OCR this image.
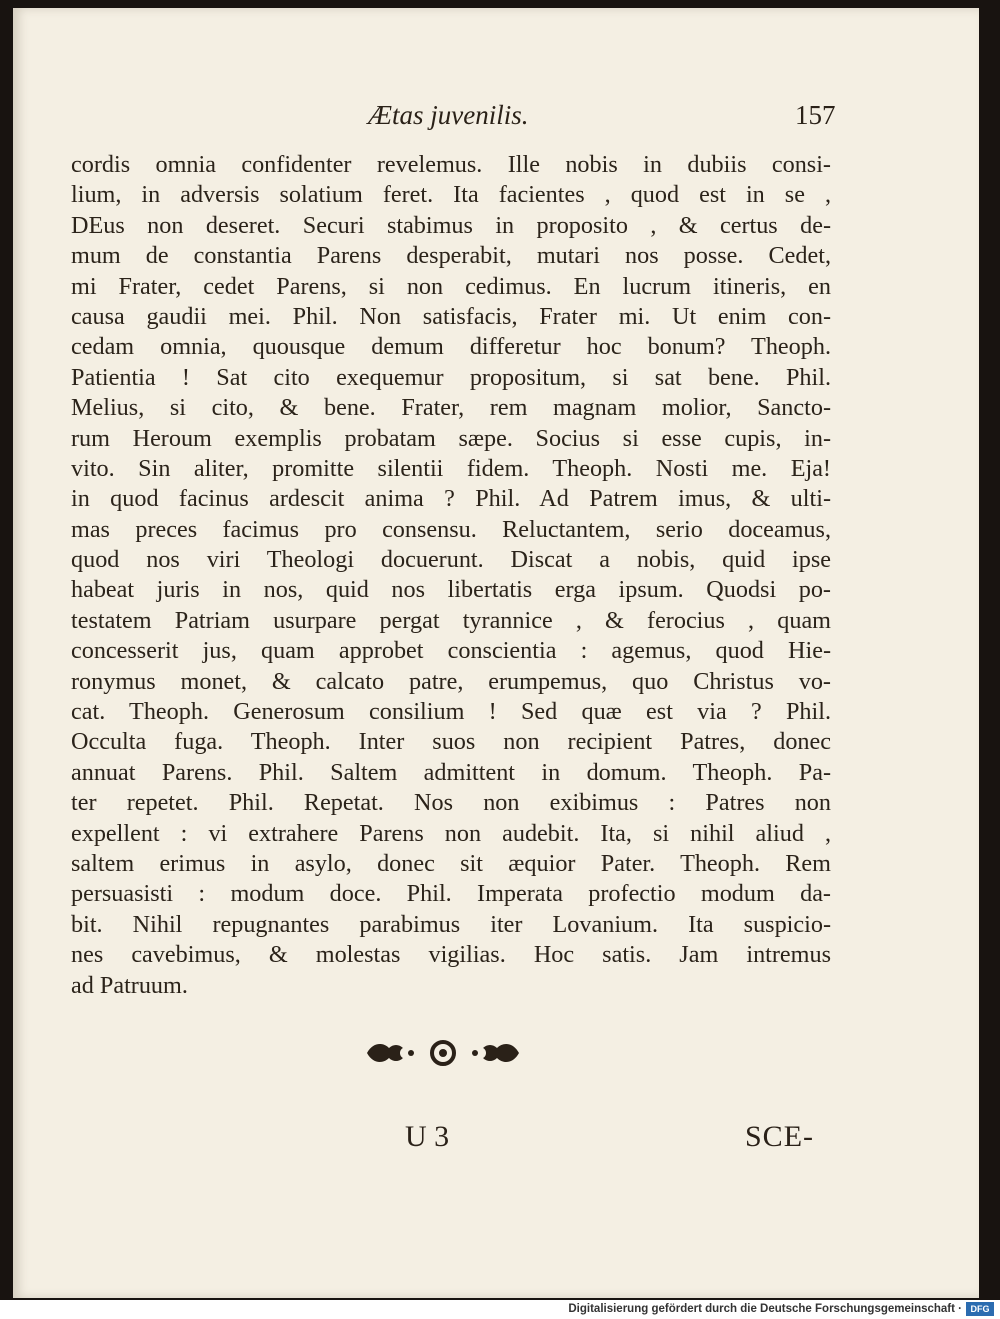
Ætas juvenilis.	157
cordis omnia confidenter revelemus. Ille nobis in dubiis consi-
lium, in adversis solatium feret. Ita facientes , quod est in se ,
DEus non deseret. Securi stabimus in proposito , & certus de-
mum de constantia Parens desperabit, mutari nos posse. Cedet,
mi Frater, cedet Parens, si non cedimus. En lucrum itineris, en
causa gaudii mei. Phil. Non satisfacis, Frater mi. Ut enim con-
cedam omnia, quousque demum differetur hoc bonum? Theoph.
Patientia ! Sat cito exequemur propositum, si sat bene. Phil.
Melius, si cito, & bene. Frater, rem magnam molior, Sancto-
rum Heroum exemplis probatam sæpe. Socius si esse cupis, in-
vito. Sin aliter, promitte silentii fidem. Theoph. Nosti me. Eja!
in quod facinus ardescit anima ? Phil. Ad Patrem imus, & ulti-
mas preces facimus pro consensu. Reluctantem, serio doceamus,
quod nos viri Theologi docuerunt. Discat a nobis, quid ipse
habeat juris in nos, quid nos libertatis erga ipsum. Quodsi po-
testatem Patriam usurpare pergat tyrannice , & ferocius , quam
concesserit jus, quam approbet conscientia : agemus, quod Hie-
ronymus monet, & calcato patre, erumpemus, quo Christus vo-
cat. Theoph. Generosum consilium ! Sed quæ est via ? Phil.
Occulta fuga. Theoph. Inter suos non recipient Patres, donec
annuat Parens. Phil. Saltem admittent in domum. Theoph. Pa-
ter repetet. Phil. Repetat. Nos non exibimus : Patres non
expellent : vi extrahere Parens non audebit. Ita, si nihil aliud ,
saltem erimus in asylo, donec sit æquior Pater. Theoph. Rem
persuasisti : modum doce. Phil. Imperata profectio modum da-
bit. Nihil repugnantes parabimus iter Lovanium. Ita suspicio-
nes cavebimus, & molestas vigilias. Hoc satis. Jam intremus
ad Patruum.
U 3	SCE-
Digitalisierung gefördert durch die Deutsche Forschungsgemeinschaft · DFG
